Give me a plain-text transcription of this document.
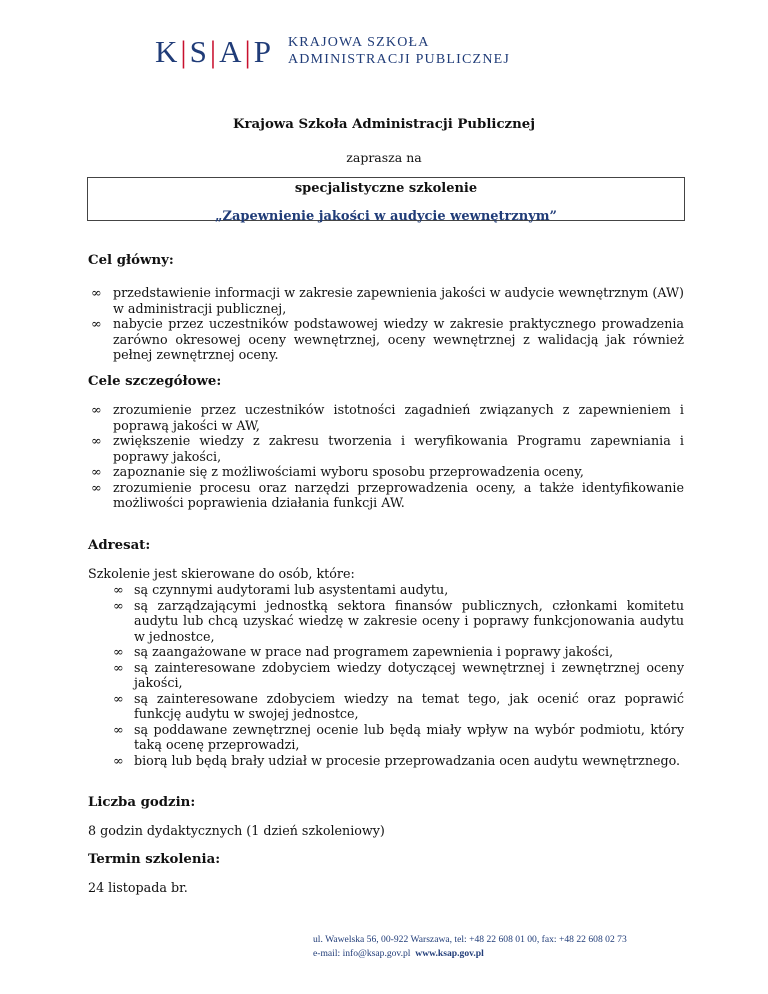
K|S|A|P KRAJOWA SZKOŁA
ADMINISTRACJI PUBLICZNEJ
Krajowa Szkoła Administracji Publicznej
zaprasza na
specjalistyczne szkolenie
„Zapewnienie jakości w audycie wewnętrznym”
Cel główny:
∞ przedstawienie informacji w zakresie zapewnienia jakości w audycie wewnętrznym (AW) w administracji publicznej,
∞ nabycie przez uczestników podstawowej wiedzy w zakresie praktycznego prowadzenia zarówno okresowej oceny wewnętrznej, oceny wewnętrznej z walidacją jak również pełnej zewnętrznej oceny.
Cele szczegółowe:
∞ zrozumienie przez uczestników istotności zagadnień związanych z zapewnieniem i poprawą jakości w AW,
∞ zwiększenie wiedzy z zakresu tworzenia i weryfikowania Programu zapewniania i poprawy jakości,
∞ zapoznanie się z możliwościami wyboru sposobu przeprowadzenia oceny,
∞ zrozumienie procesu oraz narzędzi przeprowadzenia oceny, a także identyfikowanie możliwości poprawienia działania funkcji AW.
Adresat:
Szkolenie jest skierowane do osób, które:
∞ są czynnymi audytorami lub asystentami audytu,
∞ są zarządzającymi jednostką sektora finansów publicznych, członkami komitetu audytu lub chcą uzyskać wiedzę w zakresie oceny i poprawy funkcjonowania audytu w jednostce,
∞ są zaangażowane w prace nad programem zapewnienia i poprawy jakości,
∞ są zainteresowane zdobyciem wiedzy dotyczącej wewnętrznej i zewnętrznej oceny jakości,
∞ są zainteresowane zdobyciem wiedzy na temat tego, jak ocenić oraz poprawić funkcję audytu w swojej jednostce,
∞ są poddawane zewnętrznej ocenie lub będą miały wpływ na wybór podmiotu, który taką ocenę przeprowadzi,
∞ biorą lub będą brały udział w procesie przeprowadzania ocen audytu wewnętrznego.
Liczba godzin:
8 godzin dydaktycznych (1 dzień szkoleniowy)
Termin szkolenia:
24 listopada br.
ul. Wawelska 56, 00-922 Warszawa, tel: +48 22 608 01 00, fax: +48 22 608 02 73
e-mail: info@ksap.gov.pl www.ksap.gov.pl
